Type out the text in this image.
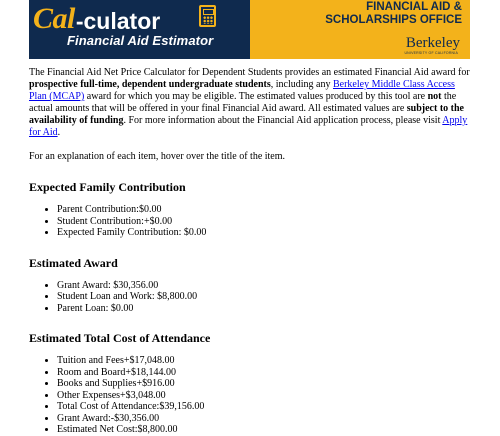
Cal -culator
Financial Aid Estimator
FINANCIAL AID &
SCHOLARSHIPS OFFICE
Berkeley
UNIVERSITY OF CALIFORNIA

The Financial Aid Net Price Calculator for Dependent Students provides an estimated Financial Aid award for prospective full-time, dependent undergraduate students, including any Berkeley Middle Class Access Plan (MCAP) award for which you may be eligible. The estimated values produced by this tool are not the actual amounts that will be offered in your final Financial Aid award. All estimated values are subject to the availability of funding. For more information about the Financial Aid application process, please visit Apply for Aid.

For an explanation of each item, hover over the title of the item.

Expected Family Contribution
• Parent Contribution:$0.00
• Student Contribution:+$0.00
• Expected Family Contribution: $0.00
Estimated Award
• Grant Award: $30,356.00
• Student Loan and Work: $8,800.00
• Parent Loan: $0.00
Estimated Total Cost of Attendance
• Tuition and Fees+$17,048.00
• Room and Board+$18,144.00
• Books and Supplies+$916.00
• Other Expenses+$3,048.00
• Total Cost of Attendance:$39,156.00
• Grant Award:-$30,356.00
• Estimated Net Cost:$8,800.00
